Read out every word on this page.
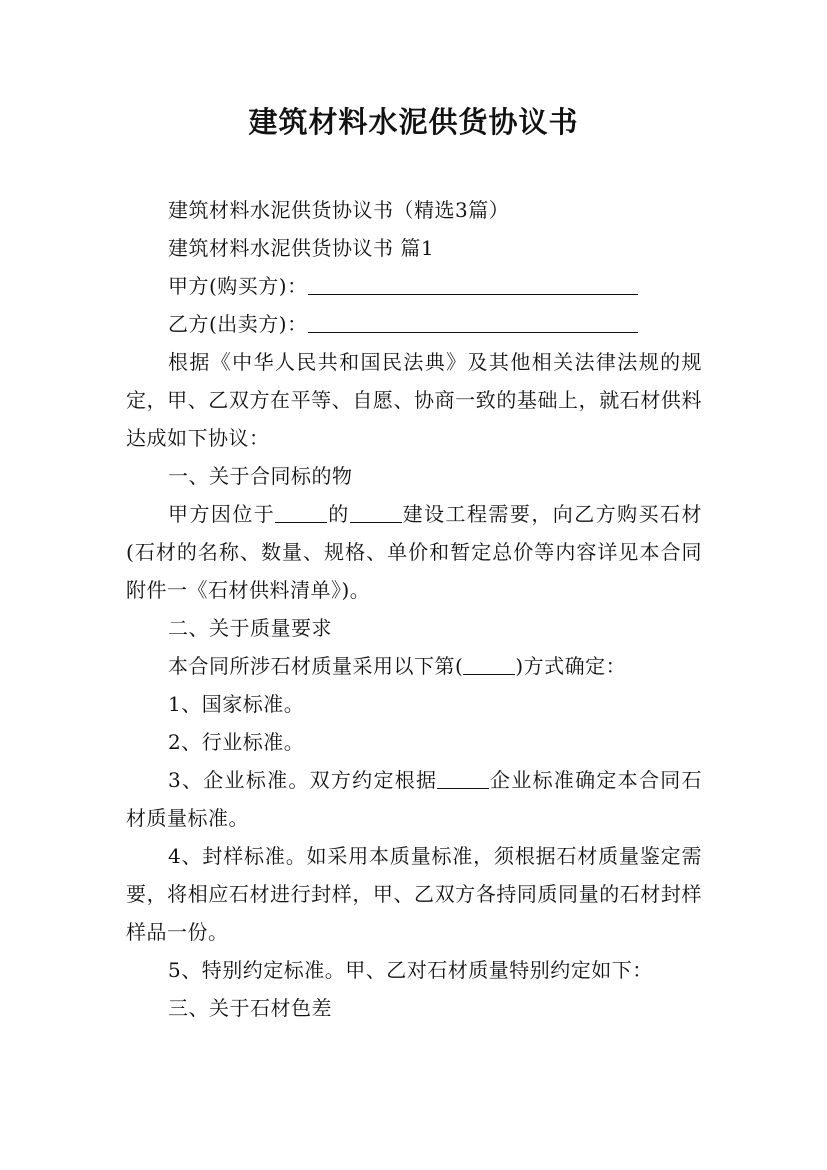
建筑材料水泥供货协议书

建筑材料水泥供货协议书（精选3篇）

建筑材料水泥供货协议书 篇1

甲方(购买方)：

乙方(出卖方)：

根据《中华人民共和国民法典》及其他相关法律法规的规定，甲、乙双方在平等、自愿、协商一致的基础上，就石材供料达成如下协议：

一、关于合同标的物

甲方因位于	的	建设工程需要，向乙方购买石材(石材的名称、数量、规格、单价和暂定总价等内容详见本合同附件一《石材供料清单》)。

二、关于质量要求

本合同所涉石材质量采用以下第(	)方式确定：

1、国家标准。

2、行业标准。

3、企业标准。双方约定根据	企业标准确定本合同石材质量标准。

4、封样标准。如采用本质量标准，须根据石材质量鉴定需要，将相应石材进行封样，甲、乙双方各持同质同量的石材封样样品一份。

5、特别约定标准。甲、乙对石材质量特别约定如下：

三、关于石材色差
